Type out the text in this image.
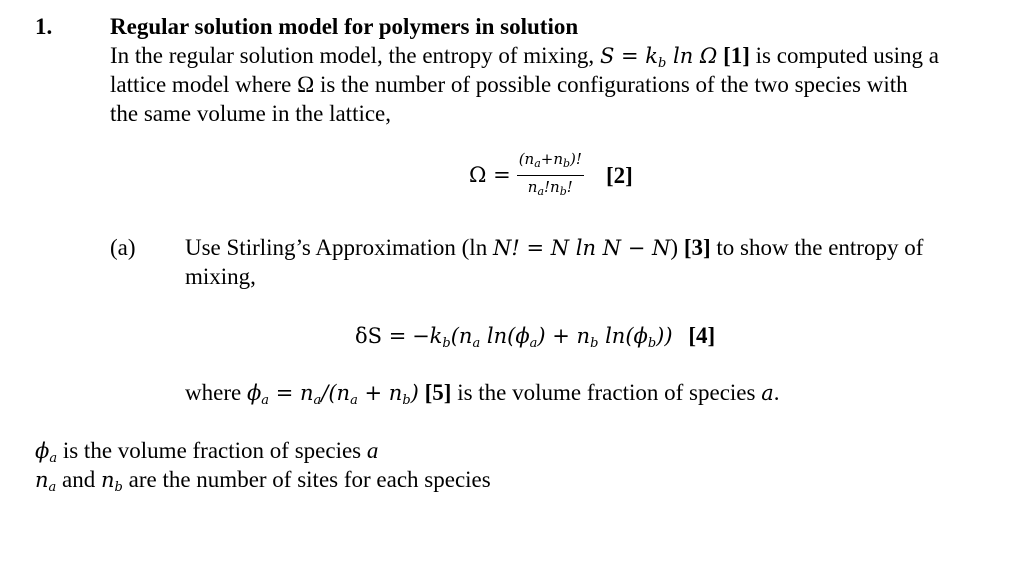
1.	Regular solution model for polymers in solution
In the regular solution model, the entropy of mixing, $S = k_b$ ln Ω [1] is computed using a
lattice model where Ω is the number of possible configurations of the two species with
the same volume in the lattice,
$\Omega = \frac{(n_a+n_b)!}{n_a!n_b!} [2]$
(a) Use Stirling’s Approximation (ln N! = N ln N − N) [3] to show the entropy of
mixing,
$\delta S = -k_b(n_a$ $\ln(\phi_a) + n_b$ $\ln(\phi_b)$) [4]
where $\phi_a = n_a/(n_a + n_b)$ [5] is the volume fraction of species a.
$\phi_a$ is the volume fraction of species a
$n_a$ and $n_b$ are the number of sites for each species
